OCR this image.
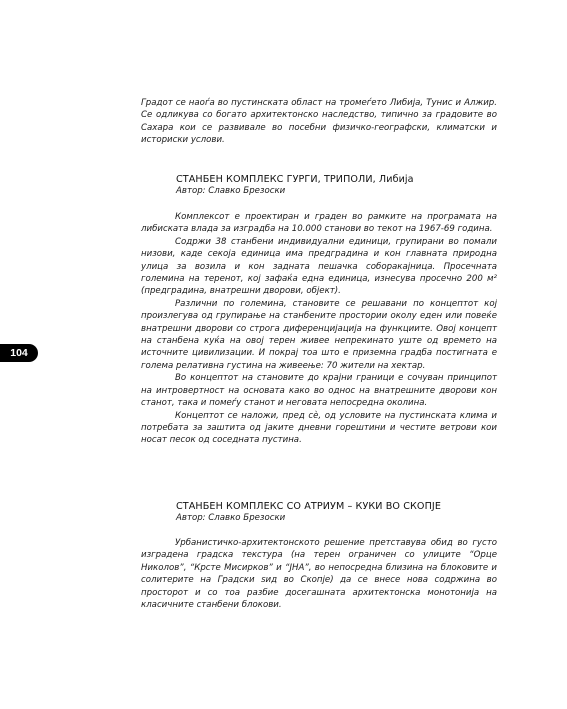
Градот се наоѓа во пустинската област на тромеѓето Либија, Тунис и Алжир. Се одликува со богато архитектонско наследство, типично за градовите во Сахара кои се развивале во посебни физичко-географски, климатски и историски услови.

СТАНБЕН КОМПЛЕКС ГУРГИ, ТРИПОЛИ, Либија
Автор: Славко Брезоски

Комплексот е проектиран и граден во рамките на програмата на либиската влада за изградба на 10.000 станови во текот на 1967-69 година.

Содржи 38 станбени индивидуални единици, групирани во помали низови, каде секоја единица има предградина и кон главната природна улица за возила и кон задната пешачка соборакајница. Просечната големина на теренот, кој зафаќа една единица, изнесува просечно 200 м² (предградина, внатрешни дворови, објект).

Различни по големина, становите се решавани по концептот кој произлегува од групирање на станбените простории околу еден или повеќе внатрешни дворови со строга диференцијација на функциите. Овој концепт на станбена куќа на овој терен живее непрекинато уште од времето на источните цивилизации. И покрај тоа што е приземна градба постигната е голема релативна густина на живеење: 70 жители на хектар.

Во концептот на становите до крајни граници е сочуван принципот на интровертност на основата како во однос на внатрешните дворови кон станот, така и помеѓу станот и неговата непосредна околина.

Концептот се наложи, пред сè, од условите на пустинската клима и потребата за заштита од јаките дневни горештини и честите ветрови кои носат песок од соседната пустина.

СТАНБЕН КОМПЛЕКС СО АТРИУМ – КУКИ ВО СКОПЈЕ
Автор: Славко Брезоски

Урбанистичко-архитектонското решение претставува обид во густо изградена градска текстура (на терен ограничен со улиците “Орце Николов”, “Крсте Мисирков” и “ЈНА”, во непосредна близина на блоковите и солитерите на Градски ѕид во Скопје) да се внесе нова содржина во просторот и со тоа разбие досегашната архитектонска монотонија на класичните станбени блокови.

104
